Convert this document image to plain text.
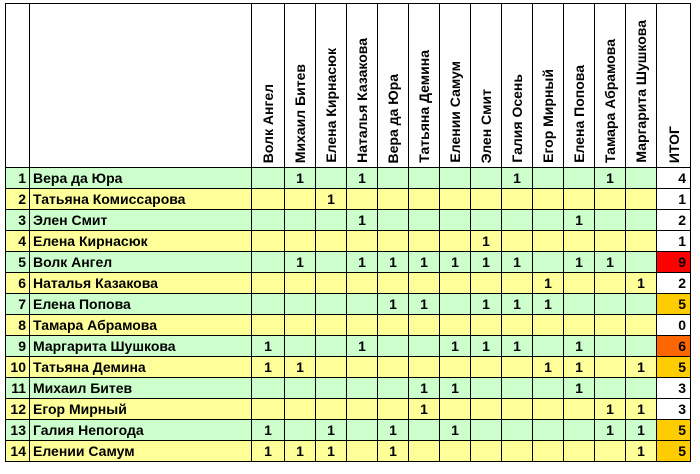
		Волк Ангел	Михаил Битев	Елена Кирнасюк	Наталья Казакова	Вера да Юра	Татьяна Демина	Елении Самум	Элен Смит	Галия Осень	Егор Мирный	Елена Попова	Тамара Абрамова	Маргарита Шушкова	ИТОГ

1	Вера да Юра		1		1					1			1		4
2	Татьяна Комиссарова			1											1
3	Элен Смит				1							1			2
4	Елена Кирнасюк								1						1
5	Волк Ангел		1		1	1	1	1	1	1		1	1		9
6	Наталья Казакова										1			1	2
7	Елена Попова					1	1		1	1	1				5
8	Тамара Абрамова														0
9	Маргарита Шушкова	1			1			1	1	1		1			6
10	Татьяна Демина	1	1								1	1		1	5
11	Михаил Битев						1	1				1			3
12	Егор Мирный						1						1	1	3
13	Галия Непогода	1		1		1		1					1	1	5
14	Елении Самум	1	1	1		1								1	5
